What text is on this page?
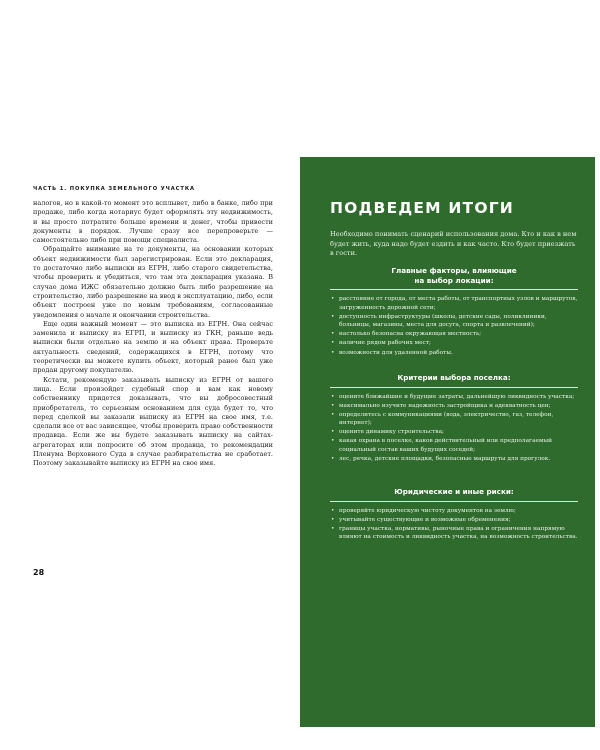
ЧАСТЬ 1. ПОКУПКА ЗЕМЕЛЬНОГО УЧАСТКА

налогов, но в какой-то момент это всплывет, либо в банке, либо при продаже, либо когда нотариус будет оформлять эту недвижимость, и вы просто потратите больше времени и денег, чтобы привести документы в порядок. Лучше сразу все перепроверьте — самостоятельно либо при помощи специалиста.

Обращайте внимание на те документы, на основании которых объект недвижимости был зарегистрирован. Если это декларация, то достаточно либо выписки из ЕГРН, либо старого свидетельства, чтобы проверить и убедиться, что там эта декларация указана. В случае дома ИЖС обязательно должно быть либо разрешение на строительство, либо разрешение на ввод в эксплуатацию, либо, если объект построен уже по новым требованиям, согласованные уведомления о начале и окончании строительства.

Еще один важный момент — это выписка из ЕГРН. Она сейчас заменила и выписку из ЕГРП, и выписку из ГКН, раньше ведь выписки были отдельно на землю и на объект права. Проверьте актуальность сведений, содержащихся в ЕГРН, потому что теоретически вы можете купить объект, который ранее был уже продан другому покупателю.

Кстати, рекомендую заказывать выписку из ЕГРН от вашего лица. Если произойдет судебный спор и вам как новому собственнику придется доказывать, что вы добросовестный приобретатель, то серьезным основанием для суда будет то, что перед сделкой вы заказали выписку из ЕГРН на свое имя, т.е. сделали все от вас зависящее, чтобы проверить право собственности продавца. Если же вы будете заказывать выписку на сайтах-агрегаторах или попросите об этом продавца, то рекомендации Пленума Верховного Суда в случае разбирательства не сработает. Поэтому заказывайте выписку из ЕГРН на свое имя.

28
ПОДВЕДЕМ ИТОГИ
Необходимо понимать сценарий использования дома. Кто и как в нем будет жить, куда надо будет ездить и как часто. Кто будет приезжать в гости.
Главные факторы, влияющие
на выбор локации:
• расстояние от города, от места работы, от транспортных узлов и маршрутов, загруженность дорожной сети;
• доступность инфраструктуры (школы, детские сады, поликлиники, больницы, магазины, места для досуга, спорта и развлечений);
• настолько безопасна окружающая местность;
• наличие рядом рабочих мест;
• возможности для удаленной работы.
Критерии выбора поселка:
• оцените ближайшие и будущие затраты, дальнейшую ликвидность участка;
• максимально изучите надежность застройщика и адекватность цен;
• определитесь с коммуникациями (вода, электричество, газ, телефон, интернет);
• оцените динамику строительства;
• какая охрана в поселке, каков действительный или предполагаемый социальный состав ваших будущих соседей;
• лес, речка, детские площадки, безопасные маршруты для прогулок.
Юридические и иные риски:
• проверяйте юридическую чистоту документов на землю;
• учитывайте существующие и возможные обременения;
• границы участка, нормативы, рыночные права и ограничения напрямую влияют на стоимость и ликвидность участка, на возможность строительства.
